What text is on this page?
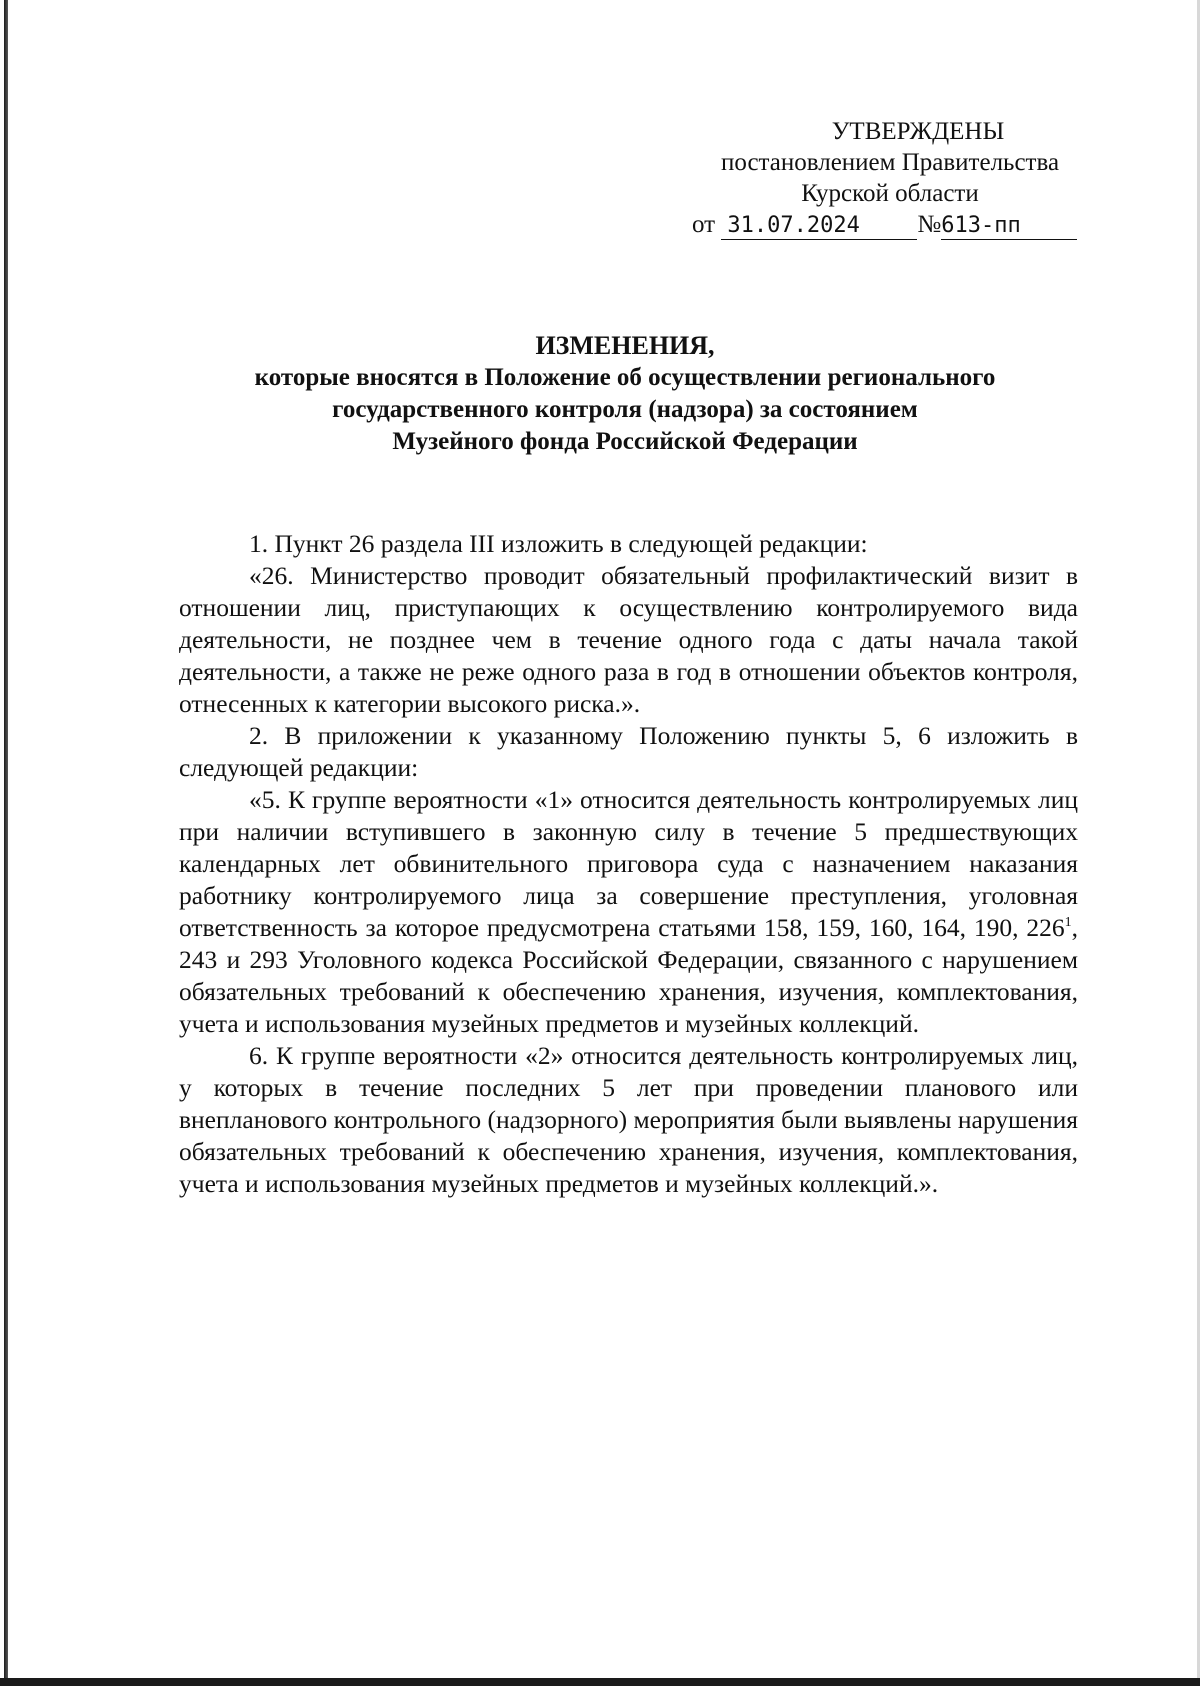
УТВЕРЖДЕНЫ
постановлением Правительства
Курской области
от 31.07.2024 №613-пп
ИЗМЕНЕНИЯ,
которые вносятся в Положение об осуществлении регионального
государственного контроля (надзора) за состоянием
Музейного фонда Российской Федерации

1. Пункт 26 раздела III изложить в следующей редакции:

«26. Министерство проводит обязательный профилактический визит в отношении лиц, приступающих к осуществлению контролируемого вида деятельности, не позднее чем в течение одного года с даты начала такой деятельности, а также не реже одного раза в год в отношении объектов контроля, отнесенных к категории высокого риска.».

2. В приложении к указанному Положению пункты 5, 6 изложить в следующей редакции:

«5. К группе вероятности «1» относится деятельность контролируемых лиц при наличии вступившего в законную силу в течение 5 предшествующих календарных лет обвинительного приговора суда с назначением наказания работнику контролируемого лица за совершение преступления, уголовная ответственность за которое предусмотрена статьями 158, 159, 160, 164, 190, $226^1$, 243 и 293 Уголовного кодекса Российской Федерации, связанного с нарушением обязательных требований к обеспечению хранения, изучения, комплектования, учета и использования музейных предметов и музейных коллекций.

6. К группе вероятности «2» относится деятельность контролируемых лиц, у которых в течение последних 5 лет при проведении планового или внепланового контрольного (надзорного) мероприятия были выявлены нарушения обязательных требований к обеспечению хранения, изучения, комплектования, учета и использования музейных предметов и музейных коллекций.».
